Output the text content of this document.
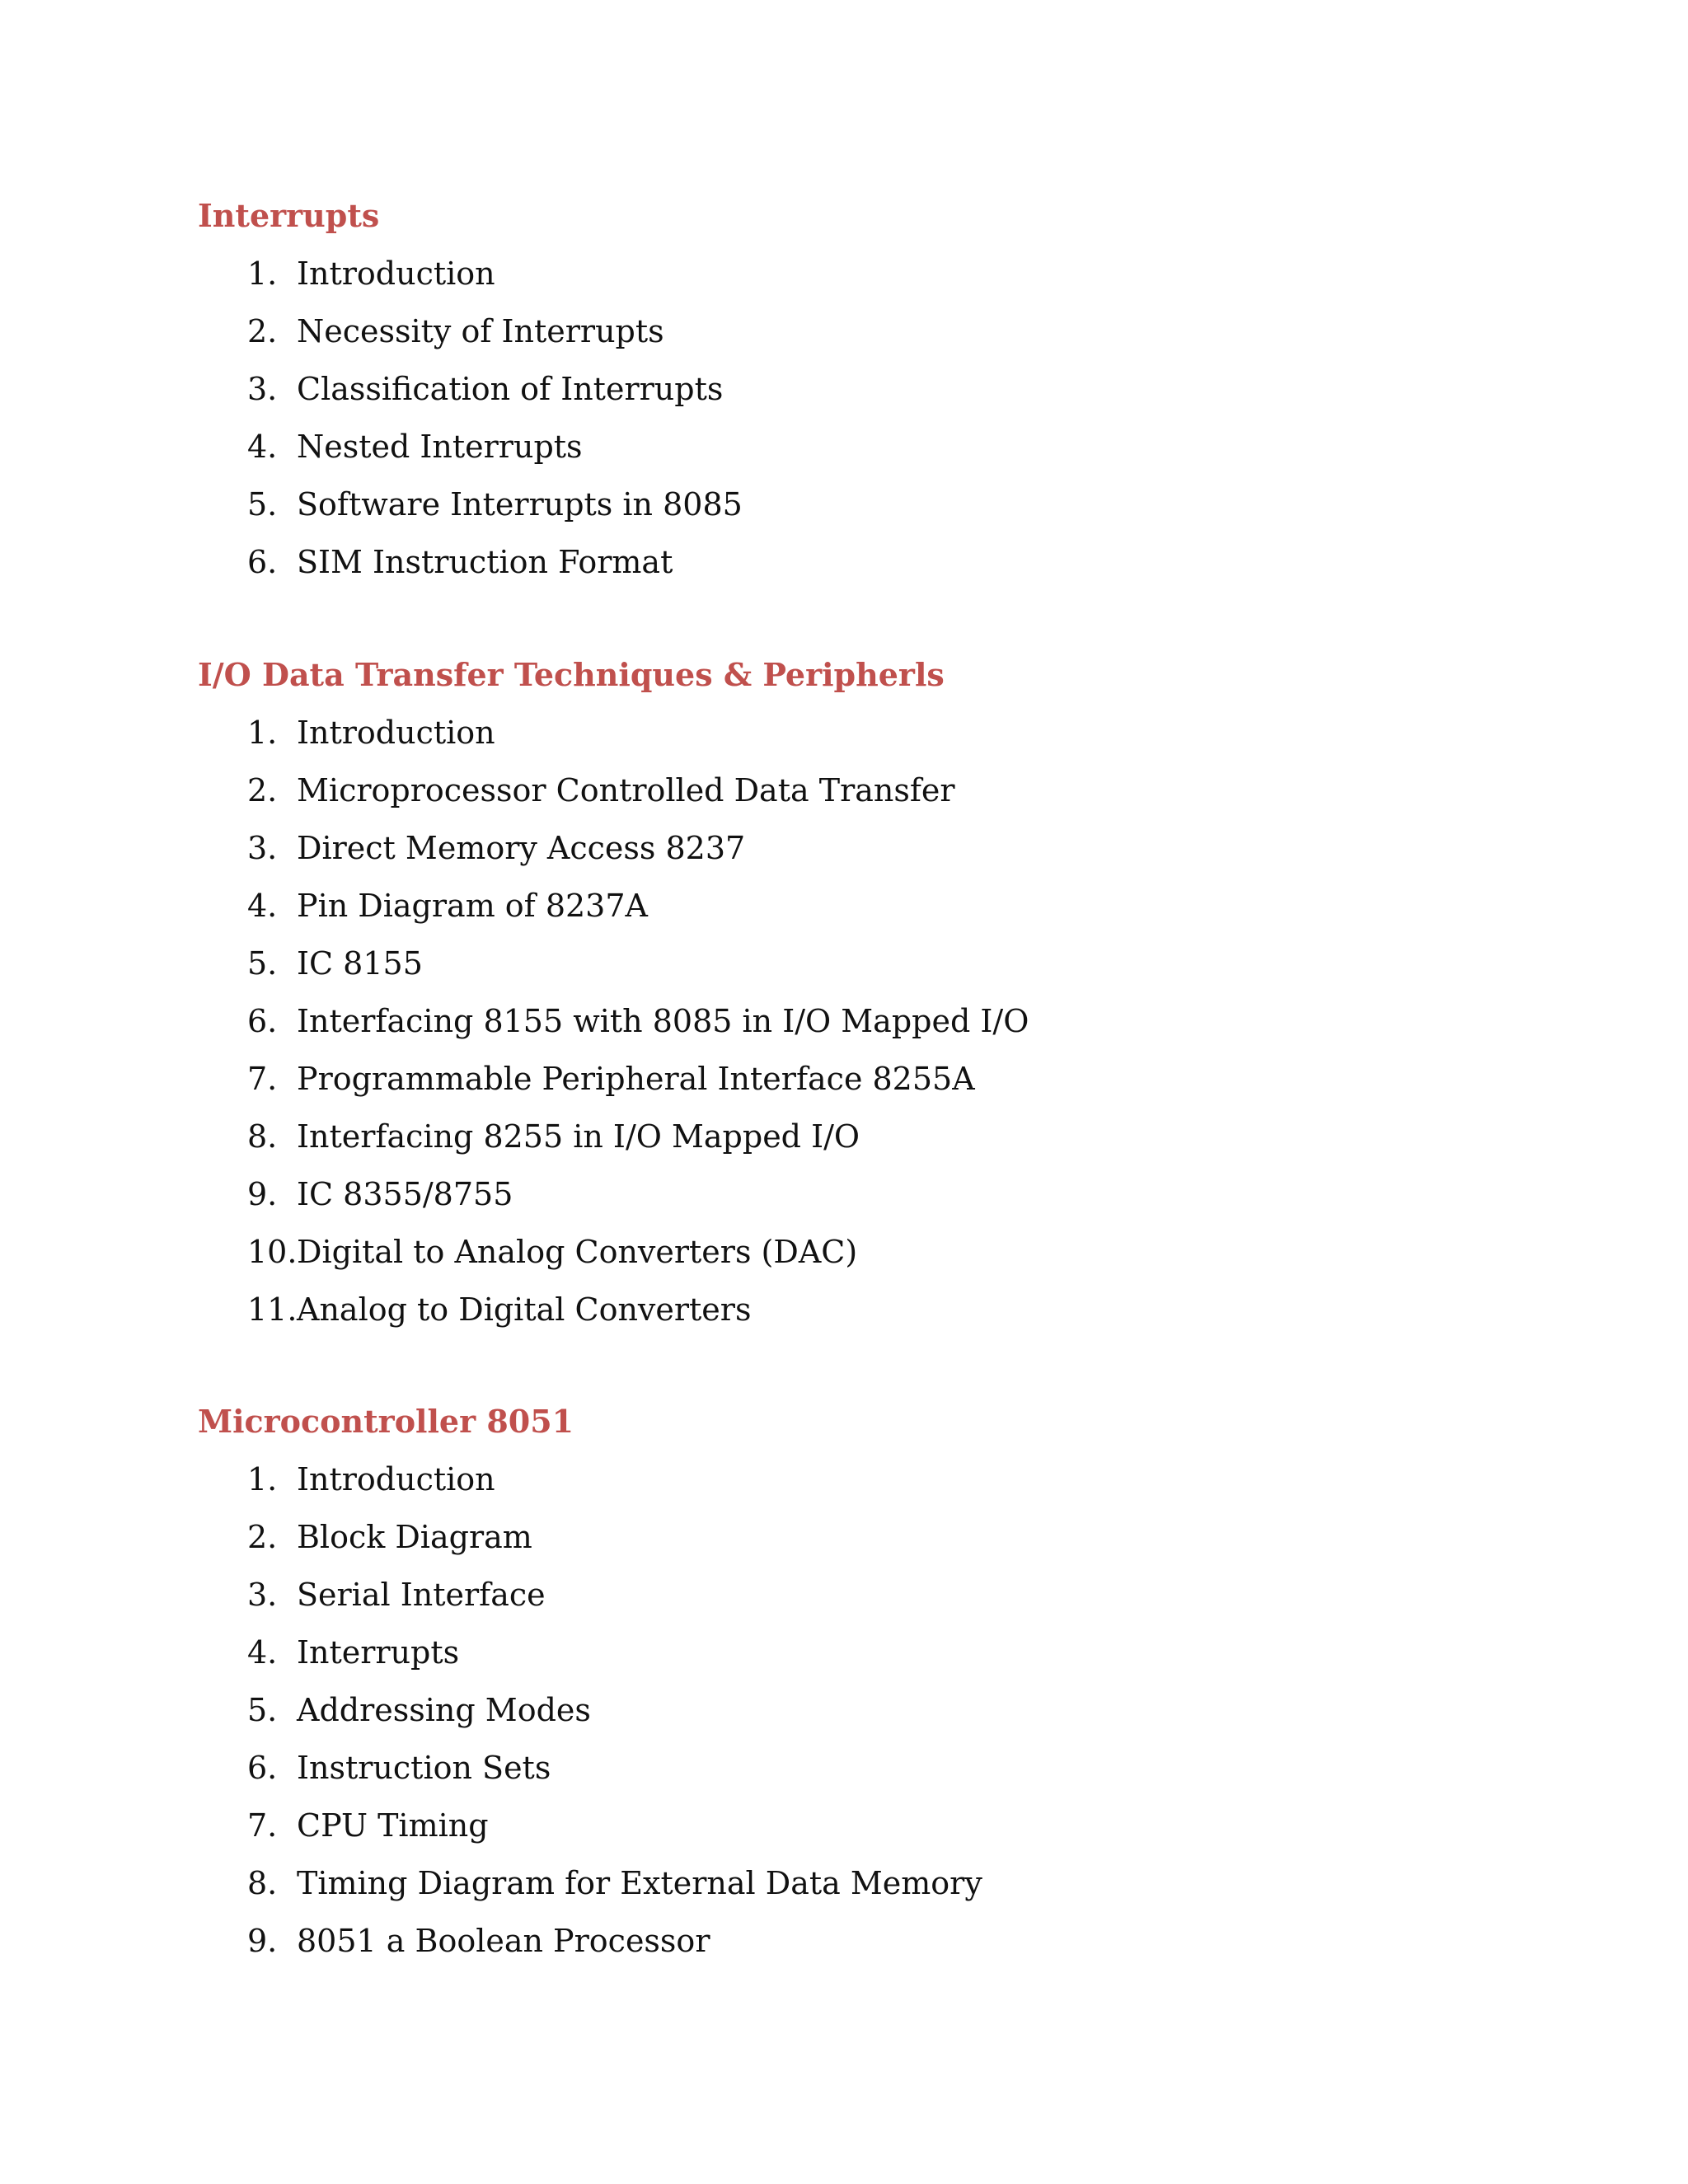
Interrupts
1. Introduction
2. Necessity of Interrupts
3. Classification of Interrupts
4. Nested Interrupts
5. Software Interrupts in 8085
6. SIM Instruction Format
I/O Data Transfer Techniques & Peripherls
1. Introduction
2. Microprocessor Controlled Data Transfer
3. Direct Memory Access 8237
4. Pin Diagram of 8237A
5. IC 8155
6. Interfacing 8155 with 8085 in I/O Mapped I/O
7. Programmable Peripheral Interface 8255A
8. Interfacing 8255 in I/O Mapped I/O
9. IC 8355/8755
10. Digital to Analog Converters (DAC)
11. Analog to Digital Converters
Microcontroller 8051
1. Introduction
2. Block Diagram
3. Serial Interface
4. Interrupts
5. Addressing Modes
6. Instruction Sets
7. CPU Timing
8. Timing Diagram for External Data Memory
9. 8051 a Boolean Processor
